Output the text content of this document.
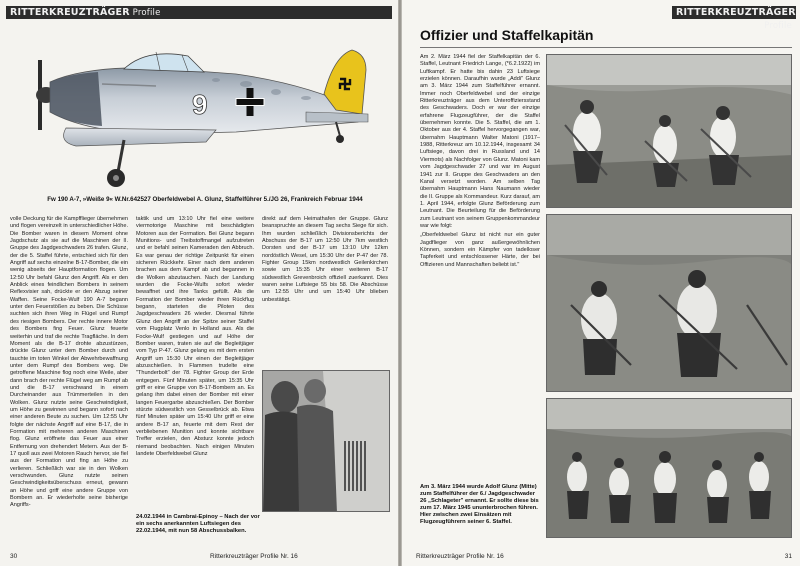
RITTERKREUZTRÄGER Profile
9
Fw 190 A-7, »Weiße 9« W.Nr.642527 Oberfeldwebel A. Glunz, Staffelführer 5./JG 26, Frankreich Februar 1944
volle Deckung für die Kampfflieger übernehmen und flogen vereinzelt in unterschiedlicher Höhe. Die Bomber waren in diesem Moment ohne Jagdschutz als sie auf die Maschinen der II. Gruppe des Jagdgeschwaders 26 trafen. Glunz, der die 5. Staffel führte, entschied sich für den Angriff auf sechs einzelne B-17-Bomber, die ein wenig abseits der Hauptformation flogen. Um 12:50 Uhr befahl Glunz den Angriff. Als er den Anblick eines feindlichen Bombers in seinem Reflexvisier sah, drückte er den Abzug seiner Waffen. Seine Focke-Wulf 190 A-7 begann unter den Feuerstößen zu beben. Die Schüsse suchten sich ihren Weg in Flügel und Rumpf des riesigen Bombers. Der rechte innere Motor des Bombers fing Feuer. Glunz feuerte weiterhin und traf die rechte Tragfläche. In dem Moment als die B-17 drohte abzustürzen, drückte Glunz unter dem Bomber durch und tauchte im toten Winkel der Abwehrbewaffnung unter dem Rumpf des Bombers weg. Die getroffene Maschine flog noch eine Weile, aber dann brach der rechte Flügel weg am Rumpf ab und die B-17 verschwand in einem Durcheinander aus Trümmerteilen in den Wolken. Glunz nutzte seine Geschwindigkeit, um Höhe zu gewinnen und begann sofort nach einer anderen Beute zu suchen. Um 12:55 Uhr folgte der nächste Angriff auf eine B-17, die in Formation mit mehreren anderen Maschinen flog. Glunz eröffnete das Feuer aus einer Entfernung von drehendert Metern. Aus der B-17 quoll aus zwei Motoren Rauch hervor, sie fiel aus der Formation und fing an Höhe zu verlieren. Schließlich war sie in den Wolken verschwunden. Glunz nutzte seinen Geschwindigkeitsüberschuss erneut, gewann an Höhe und griff eine andere Gruppe von Bombern an. Er wiederholte seine bisherige Angriffs-
taktik und um 13:10 Uhr fiel eine weitere viermotorige Maschine mit beschädigten Motoren aus der Formation. Bei Glunz begann Munitions- und Treibstoffmangel aufzutreten und er befahl seinen Kameraden den Abbruch. Es war genau der richtige Zeitpunkt für einen sicheren Rückkehr. Einer nach dem anderen brachen aus dem Kampf ab und begannen in die Wolken abzutauchen. Nach der Landung wurden die Focke-Wulfs sofort wieder bewaffnet und ihre Tanks gefüllt. Als die Formation der Bomber wieder ihren Rückflug begann, starteten die Piloten des Jagdgeschwaders 26 wieder. Diesmal führte Glunz den Angriff an der Spitze seiner Staffel vom Flugplatz Venlo in Holland aus. Als die Focke-Wulf gestiegen und auf Höhe der Bomber waren, traten sie auf die Begleitjäger vom Typ P-47. Glunz gelang es mit dem ersten Angriff um 15:30 Uhr einen der Begleitjäger abzuschießen. In Flammen trudelte eine "Thunderbolt" der 78. Fighter Group der Erde entgegen. Fünf Minuten später, um 15:35 Uhr griff er eine Gruppe von B-17-Bombern an. Es gelang ihm dabei einen der Bomber mit einer langen Feuergarbe abzuschießen. Der Bomber stürzte südwestlich von Gesselbrück ab. Etwa fünf Minuten später um 15:40 Uhr griff er eine andere B-17 an, feuerte mit dem Rest der verbliebenen Munition und konnte sichtbare Treffer erzielen, den Absturz konnte jedoch niemand beobachten. Nach einigen Minuten landete Oberfeldwebel Glunz
direkt auf dem Heimathafen der Gruppe. Glunz beanspruchte an diesem Tag sechs Siege für sich. Ihm wurden schließlich Divisionsberichts der Abschuss der B-17 um 12:50 Uhr 7km westlich Dorsten und der B-17 um 13:10 Uhr 12km nordöstlich Wesel, um 15:30 Uhr der P-47 der 78. Fighter Group 15km nordwestlich Geilenkirchen sowie um 15:35 Uhr einer weiteren B-17 südwestlich Grevenbroich offiziell zuerkannt. Dies waren seine Luftsiege 55 bis 58. Die Abschüsse um 12:55 Uhr und um 15:40 Uhr blieben unbestätigt.
24.02.1944 in Cambrai-Epinoy – Nach der vor ein sechs anerkannten Luftsiegen des 22.02.1944, mit nun 58 Abschussbalken.
30	Ritterkreuzträger Profile Nr. 16
RITTERKREUZTRÄGER Profile
Offizier und Staffelkapitän

Am 2. März 1944 fiel der Staffelkapitän der 6. Staffel, Leutnant Friedrich Lange, (*6.2.1922) im Luftkampf. Er hatte bis dahin 23 Luftsiege erzielen können. Daraufhin wurde „Addi" Glunz am 3. März 1944 zum Staffelführer ernannt. Immer noch Oberfeldwebel und der einzige Ritterkreuzträger aus dem Unteroffiziersstand des Geschwaders. Doch er war der einzige erfahrene Flugzeugführer, der die Staffel übernehmen konnte. Die 5. Staffel, die am 1. Oktober aus der 4. Staffel hervorgegangen war, übernahm Hauptmann Walter Matoni (1917–1988, Ritterkreuz am 10.12.1944, insgesamt 34 Luftsiege, davon drei in Russland und 14 Viermots) als Nachfolger von Glunz. Matoni kam vom Jagdgeschwader 27 und war im August 1941 zur II. Gruppe des Geschwaders an den Kanal versetzt worden. Am selben Tag übernahm Hauptmann Hans Naumann wieder die II. Gruppe als Kommandeur. Kurz darauf, am 1. April 1944, erfolgte Glunz Beförderung zum Leutnant. Die Beurteilung für die Beförderung zum Leutnant von seinem Gruppenkommandeur war wie folgt:

„Oberfeldwebel Glunz ist nicht nur ein guter Jagdflieger von ganz außergewöhnlichen Können, sondern ein Kämpfer von tadelloser Tapferkeit und entschlossener Härte, der bei Offizieren und Mannschaften beliebt ist."

Am 3. März 1944 wurde Adolf Glunz (Mitte) zum Staffelführer der 6./ Jagdgeschwader 26 „Schlageter" ernannt. Er sollte diese bis zum 17. März 1945 ununterbrochen führen. Hier zwischen zwei Einsätzen mit Flugzeugführern seiner 6. Staffel.
Ritterkreuzträger Profile Nr. 16	31
